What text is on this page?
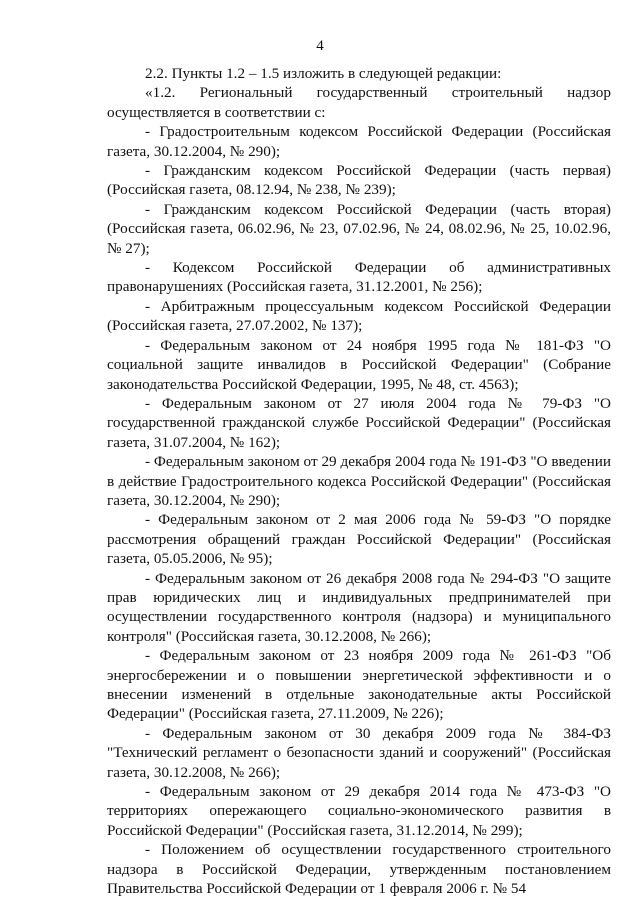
4

2.2. Пункты 1.2 – 1.5 изложить в следующей редакции:

«1.2. Региональный государственный строительный надзор осуществляется в соответствии с:

- Градостроительным кодексом Российской Федерации (Российская газета, 30.12.2004, № 290);

- Гражданским кодексом Российской Федерации (часть первая) (Российская газета, 08.12.94, № 238, № 239);

- Гражданским кодексом Российской Федерации (часть вторая) (Российская газета, 06.02.96, № 23, 07.02.96, № 24, 08.02.96, № 25, 10.02.96, № 27);

- Кодексом Российской Федерации об административных правонарушениях (Российская газета, 31.12.2001, № 256);

- Арбитражным процессуальным кодексом Российской Федерации (Российская газета, 27.07.2002, № 137);

- Федеральным законом от 24 ноября 1995 года № 181-ФЗ "О социальной защите инвалидов в Российской Федерации" (Собрание законодательства Российской Федерации, 1995, № 48, ст. 4563);

- Федеральным законом от 27 июля 2004 года № 79-ФЗ "О государственной гражданской службе Российской Федерации" (Российская газета, 31.07.2004, № 162);

- Федеральным законом от 29 декабря 2004 года № 191-ФЗ "О введении в действие Градостроительного кодекса Российской Федерации" (Российская газета, 30.12.2004, № 290);

- Федеральным законом от 2 мая 2006 года № 59-ФЗ "О порядке рассмотрения обращений граждан Российской Федерации" (Российская газета, 05.05.2006, № 95);

- Федеральным законом от 26 декабря 2008 года № 294-ФЗ "О защите прав юридических лиц и индивидуальных предпринимателей при осуществлении государственного контроля (надзора) и муниципального контроля" (Российская газета, 30.12.2008, № 266);

- Федеральным законом от 23 ноября 2009 года № 261-ФЗ "Об энергосбережении и о повышении энергетической эффективности и о внесении изменений в отдельные законодательные акты Российской Федерации" (Российская газета, 27.11.2009, № 226);

- Федеральным законом от 30 декабря 2009 года № 384-ФЗ "Технический регламент о безопасности зданий и сооружений" (Российская газета, 30.12.2008, № 266);

- Федеральным законом от 29 декабря 2014 года № 473-ФЗ "О территориях опережающего социально-экономического развития в Российской Федерации" (Российская газета, 31.12.2014, № 299);

- Положением об осуществлении государственного строительного надзора в Российской Федерации, утвержденным постановлением Правительства Российской Федерации от 1 февраля 2006 г. № 54
